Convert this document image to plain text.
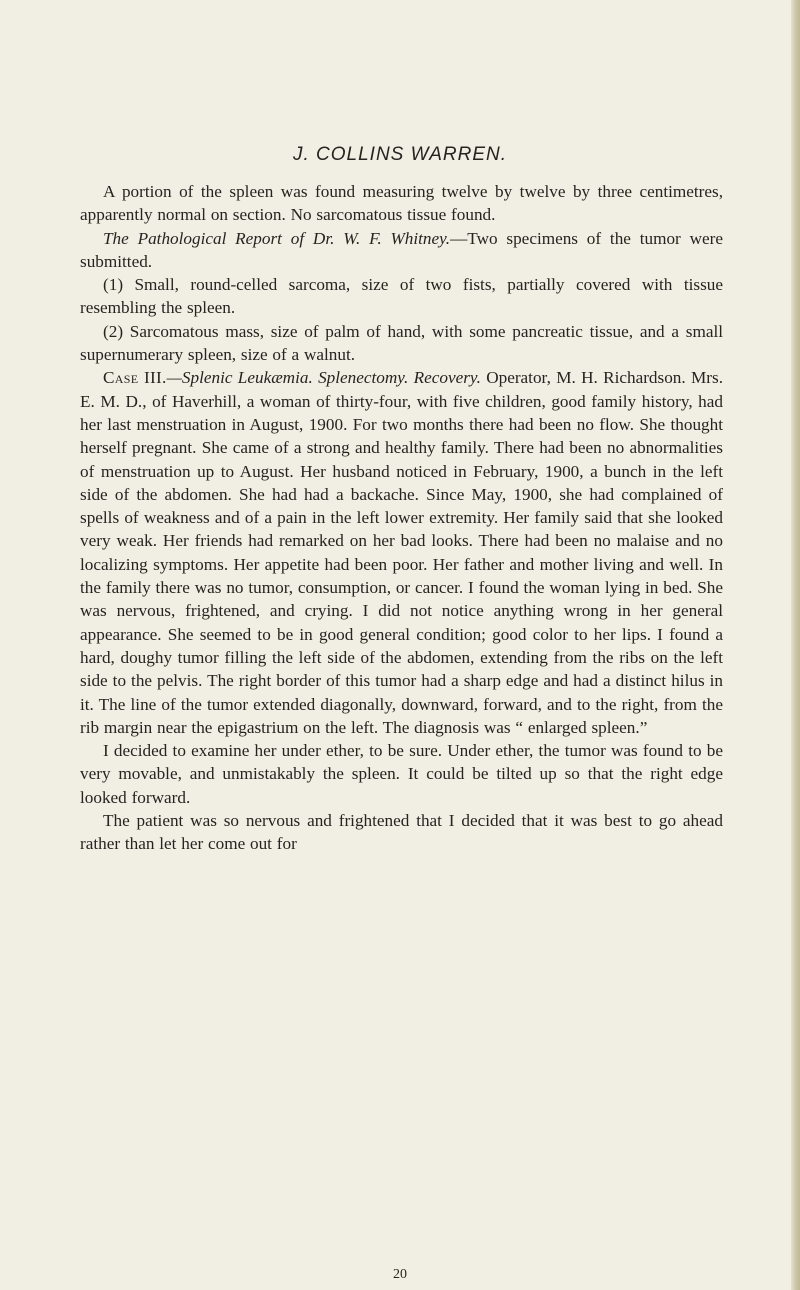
J. COLLINS WARREN.

A portion of the spleen was found measuring twelve by twelve by three centimetres, apparently normal on section. No sarcomatous tissue found.

The Pathological Report of Dr. W. F. Whitney.—Two specimens of the tumor were submitted.

(1) Small, round-celled sarcoma, size of two fists, partially covered with tissue resembling the spleen.

(2) Sarcomatous mass, size of palm of hand, with some pancreatic tissue, and a small supernumerary spleen, size of a walnut.

Case III.—Splenic Leukæmia. Splenectomy. Recovery. Operator, M. H. Richardson. Mrs. E. M. D., of Haverhill, a woman of thirty-four, with five children, good family history, had her last menstruation in August, 1900. For two months there had been no flow. She thought herself pregnant. She came of a strong and healthy family. There had been no abnormalities of menstruation up to August. Her husband noticed in February, 1900, a bunch in the left side of the abdomen. She had had a backache. Since May, 1900, she had complained of spells of weakness and of a pain in the left lower extremity. Her family said that she looked very weak. Her friends had remarked on her bad looks. There had been no malaise and no localizing symptoms. Her appetite had been poor. Her father and mother living and well. In the family there was no tumor, consumption, or cancer. I found the woman lying in bed. She was nervous, frightened, and crying. I did not notice anything wrong in her general appearance. She seemed to be in good general condition; good color to her lips. I found a hard, doughy tumor filling the left side of the abdomen, extending from the ribs on the left side to the pelvis. The right border of this tumor had a sharp edge and had a distinct hilus in it. The line of the tumor extended diagonally, downward, forward, and to the right, from the rib margin near the epigastrium on the left. The diagnosis was “ enlarged spleen.”

I decided to examine her under ether, to be sure. Under ether, the tumor was found to be very movable, and unmistakably the spleen. It could be tilted up so that the right edge looked forward.

The patient was so nervous and frightened that I decided that it was best to go ahead rather than let her come out for

20
